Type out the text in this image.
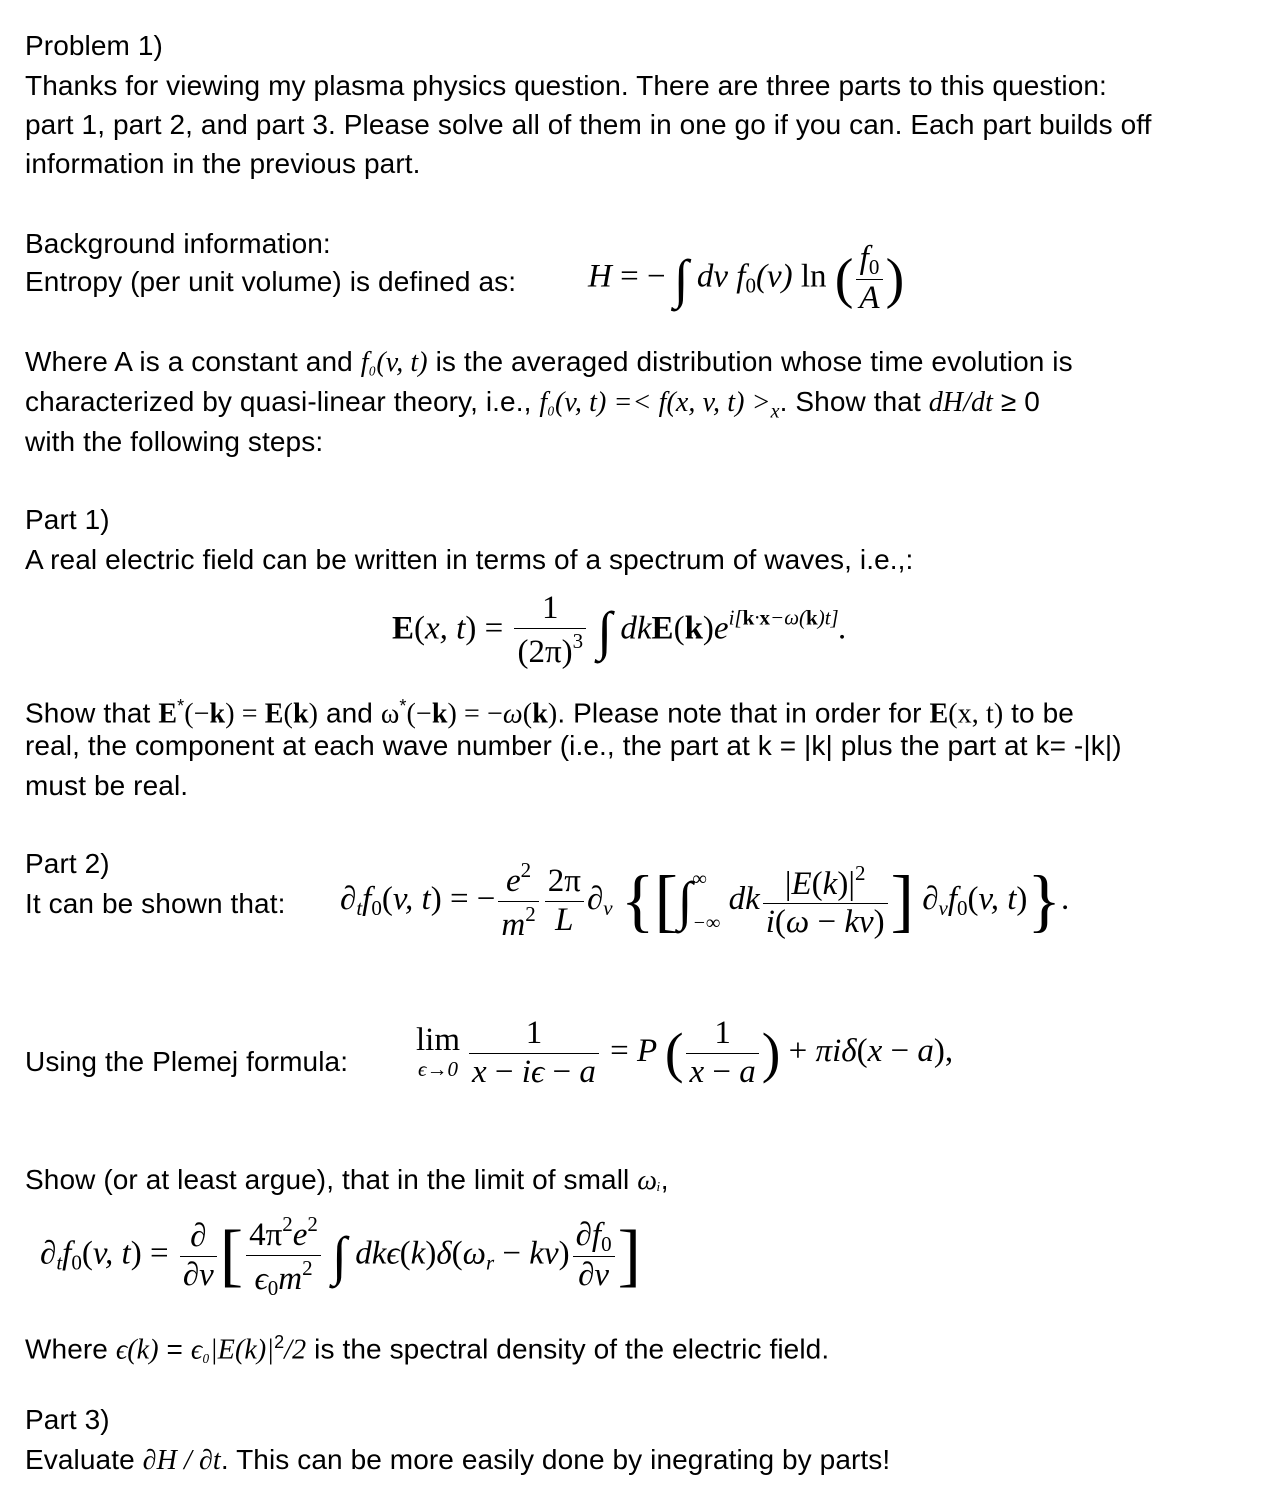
Problem 1)
Thanks for viewing my plasma physics question. There are three parts to this question:
part 1, part 2, and part 3. Please solve all of them in one go if you can. Each part builds off
information in the previous part.
Background information:
Entropy (per unit volume) is defined as: H = − ∫ dv $f_0(v)$ ln ( $\frac{f_0}{A}$ )
Where A is a constant and f₀(v, t) is the averaged distribution whose time evolution is
characterized by quasi-linear theory, i.e., f₀(v, t) =< f(x, v, $t) >_x$. Show that dH/dt ≥ 0
with the following steps:
Part 1)
A real electric field can be written in terms of a spectrum of waves, i.e.,:
E(x, $t) = \frac{1}{(2\pi)^3}$ ∫ $dkE(k)e^{i[k\cdot x-\omega(k)t]}$.
Show that E*(−k) = E(k) and ω*(−k) = −ω(k). Please note that in order for E(x, t) to be
real, the component at each wave number (i.e., the part at k = |k| plus the part at k= -|k|)
must be real.
Part 2)
It can be shown that: $\partial_tf_0(v$, t) = − $\frac{e^2}{m^2} \frac{2\pi}{L} \partial_v$ {[∫ ∞
−∞
dk $\frac{|E(k)|^2}{i(\omega - kv)}$ ] $\partial_vf_0(v$, t)}.
Using the Plemej formula:
lim
$\epsilon\to 0 \frac{1}{x - i\epsilon - a} = P$ ( $\frac{1}{x - a}$ ) + πiδ(x − a),
Show (or at least argue), that in the limit of small ωᵢ,
$\partial_tf_0(v$, $t) = \frac{\partial}{\partial v}$ [ $\frac{4\pi^2e^2}{\epsilon_0m^2}$ ∫ $dk\epsilon(k)\delta(\omega_r - kv) \frac{\partial f_0}{\partial v}$ ]
Where $\epsilon(k) = \epsilon_0|E(k)|^2/2$ is the spectral density of the electric field.
Part 3)
Evaluate ∂H / ∂t. This can be more easily done by inegrating by parts!
